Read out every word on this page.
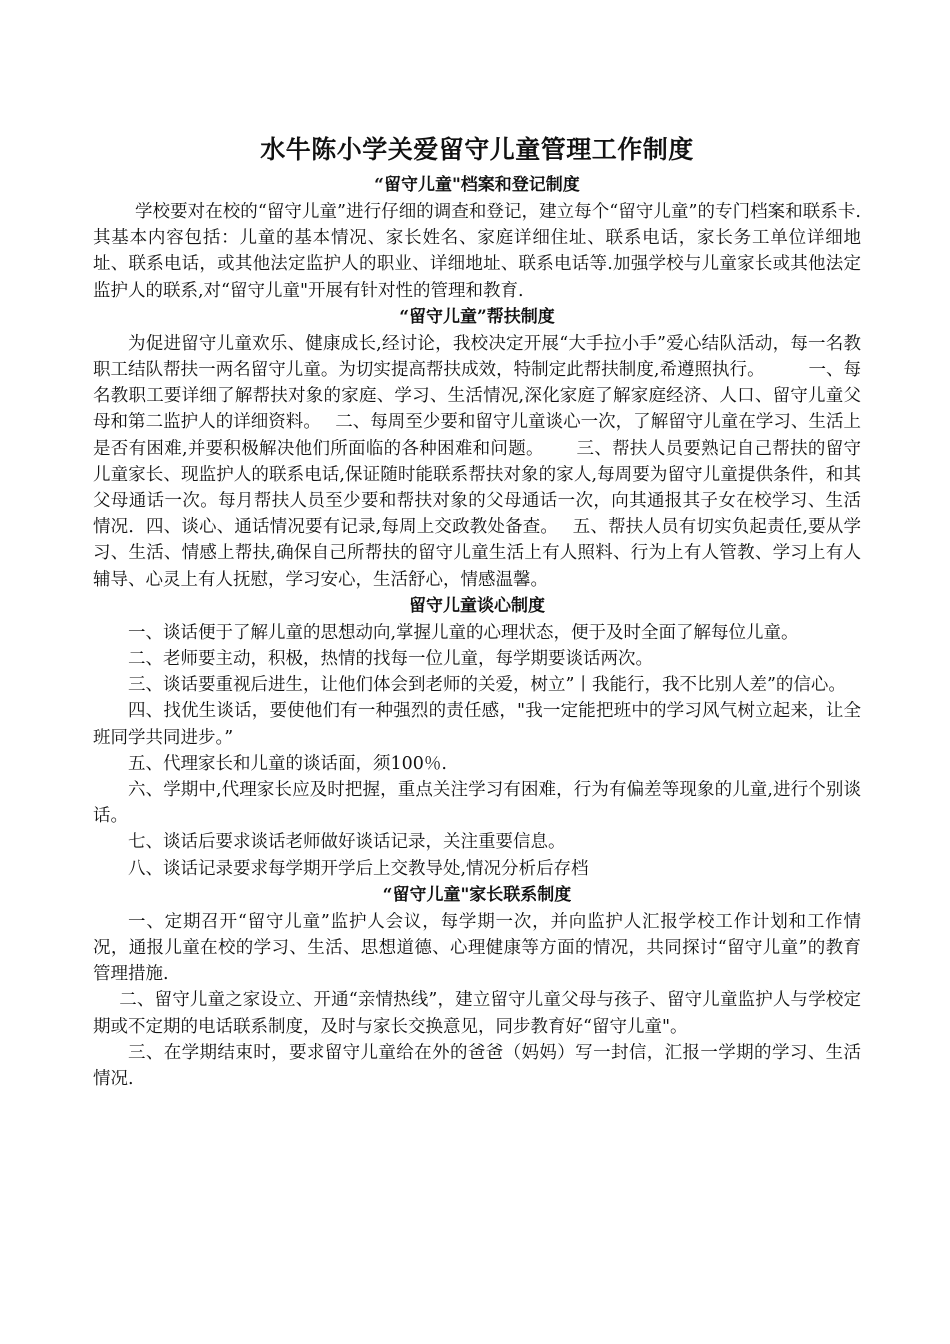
水牛陈小学关爱留守儿童管理工作制度
“留守儿童"档案和登记制度

学校要对在校的“留守儿童”进行仔细的调查和登记，建立每个“留守儿童”的专门档案和联系卡.其基本内容包括：儿童的基本情况、家长姓名、家庭详细住址、联系电话，家长务工单位详细地址、联系电话，或其他法定监护人的职业、详细地址、联系电话等.加强学校与儿童家长或其他法定监护人的联系,对“留守儿童"开展有针对性的管理和教育.

“留守儿童”帮扶制度

为促进留守儿童欢乐、健康成长,经讨论，我校决定开展“大手拉小手”爱心结队活动，每一名教职工结队帮扶一两名留守儿童。为切实提高帮扶成效，特制定此帮扶制度,希遵照执行。　　　一、每名教职工要详细了解帮扶对象的家庭、学习、生活情况,深化家庭了解家庭经济、人口、留守儿童父母和第二监护人的详细资料。　 二、每周至少要和留守儿童谈心一次，了解留守儿童在学习、生活上是否有困难,并要积极解决他们所面临的各种困难和问题。　　 三、帮扶人员要熟记自己帮扶的留守儿童家长、现监护人的联系电话,保证随时能联系帮扶对象的家人,每周要为留守儿童提供条件，和其父母通话一次。每月帮扶人员至少要和帮扶对象的父母通话一次，向其通报其子女在校学习、生活情况．四、谈心、通话情况要有记录,每周上交政教处备查。　 五、帮扶人员有切实负起责任,要从学习、生活、情感上帮扶,确保自己所帮扶的留守儿童生活上有人照料、行为上有人管教、学习上有人辅导、心灵上有人抚慰，学习安心，生活舒心，情感温馨。

留守儿童谈心制度

一、谈话便于了解儿童的思想动向,掌握儿童的心理状态，便于及时全面了解每位儿童。

二、老师要主动，积极，热情的找每一位儿童，每学期要谈话两次。

三、谈话要重视后进生，让他们体会到老师的关爱，树立”丨我能行，我不比别人差”的信心。

四、找优生谈话，要使他们有一种强烈的责任感，"我一定能把班中的学习风气树立起来，让全班同学共同进步。”

五、代理家长和儿童的谈话面，须100％.

六、学期中,代理家长应及时把握，重点关注学习有困难，行为有偏差等现象的儿童,进行个别谈话。

七、谈话后要求谈话老师做好谈话记录，关注重要信息。

八、谈话记录要求每学期开学后上交教导处,情况分析后存档

“留守儿童"家长联系制度

一、定期召开“留守儿童”监护人会议，每学期一次，并向监护人汇报学校工作计划和工作情况，通报儿童在校的学习、生活、思想道德、心理健康等方面的情况，共同探讨“留守儿童”的教育管理措施.

二、留守儿童之家设立、开通“亲情热线”，建立留守儿童父母与孩子、留守儿童监护人与学校定期或不定期的电话联系制度，及时与家长交换意见，同步教育好“留守儿童"。

三、在学期结束时，要求留守儿童给在外的爸爸（妈妈）写一封信，汇报一学期的学习、生活情况.
